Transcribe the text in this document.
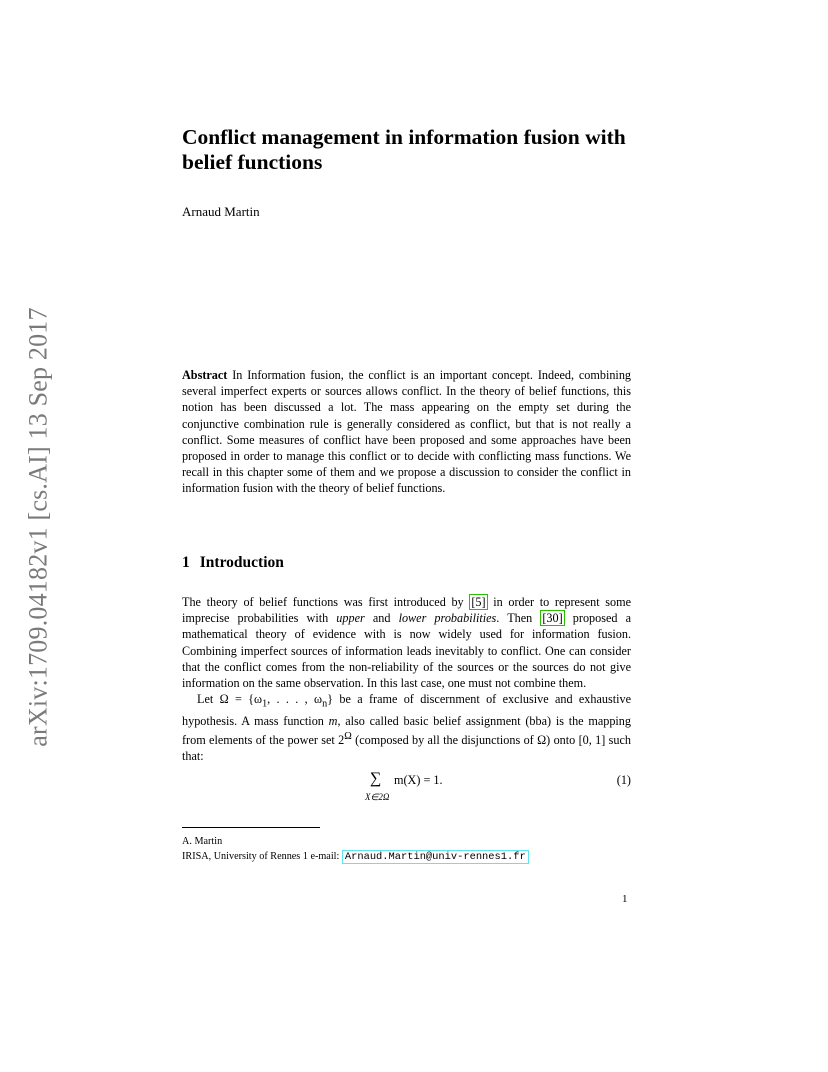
arXiv:1709.04182v1 [cs.AI] 13 Sep 2017
Conflict management in information fusion with belief functions
Arnaud Martin
Abstract In Information fusion, the conflict is an important concept. Indeed, combining several imperfect experts or sources allows conflict. In the theory of belief functions, this notion has been discussed a lot. The mass appearing on the empty set during the conjunctive combination rule is generally considered as conflict, but that is not really a conflict. Some measures of conflict have been proposed and some approaches have been proposed in order to manage this conflict or to decide with conflicting mass functions. We recall in this chapter some of them and we propose a discussion to consider the conflict in information fusion with the theory of belief functions.
1 Introduction

The theory of belief functions was first introduced by [5] in order to represent some imprecise probabilities with upper and lower probabilities. Then [30] proposed a mathematical theory of evidence with is now widely used for information fusion. Combining imperfect sources of information leads inevitably to conflict. One can consider that the conflict comes from the non-reliability of the sources or the sources do not give information on the same observation. In this last case, one must not combine them.

Let $\Omega = \{\omega_1$, . . . , $\omega_n$} be a frame of discernment of exclusive and exhaustive hypothesis. A mass function m, also called basic belief assignment (bba) is the mapping from elements of the power set $2^\Omega$ (composed by all the disjunctions of Ω) onto [0, 1] such that:

∑
X∈2Ω
m(X) = 1.	(1)
A. Martin
IRISA, University of Rennes 1 e-mail: Arnaud.Martin@univ-rennes1.fr
1
